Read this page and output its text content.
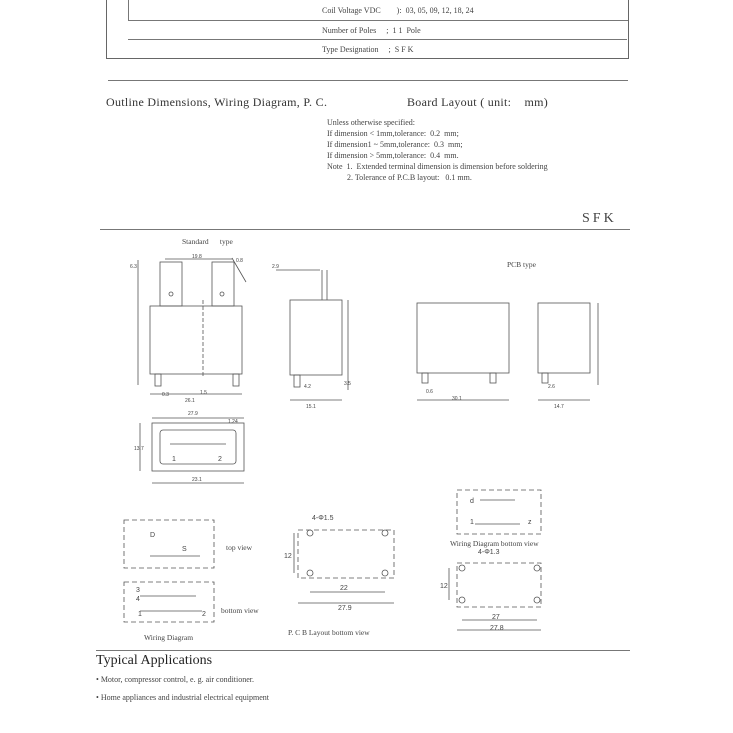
Coil Voltage VDC        ):  03, 05, 09, 12, 18, 24
Number of Poles     ;  1 1  Pole
Type Designation     ;  S F K
Outline Dimensions, Wiring Diagram, P. C.	Board Layout ( unit:    mm)
Unless otherwise specified:
If dimension < 1mm,tolerance:  0.2  mm;
If dimension1 ~ 5mm,tolerance:  0.3  mm;
If dimension > 5mm,tolerance:  0.4  mm.
Note  1.  Extended terminal dimension is dimension before soldering
2. Tolerance of P.C.B layout:   0.1 mm.
SFK
6.3
19.8
0.8
2.9
26.1
0.3	1.5
27.9
1.24
13.7
23.1
3.5
4.2
15.1
0.6
30.1
2.6
14.7
1	2
D
S
3
4
1	2
d
1	z
4-Φ1.5
4-Φ1.3
12
22
27.9
12
27
27.8
Standard      type
PCB type
top view
bottom view
Wiring Diagram
P. C B Layout bottom view
Wiring Diagram bottom view
Typical Applications
• Motor, compressor control, e. g. air conditioner.
• Home appliances and industrial electrical equipment
